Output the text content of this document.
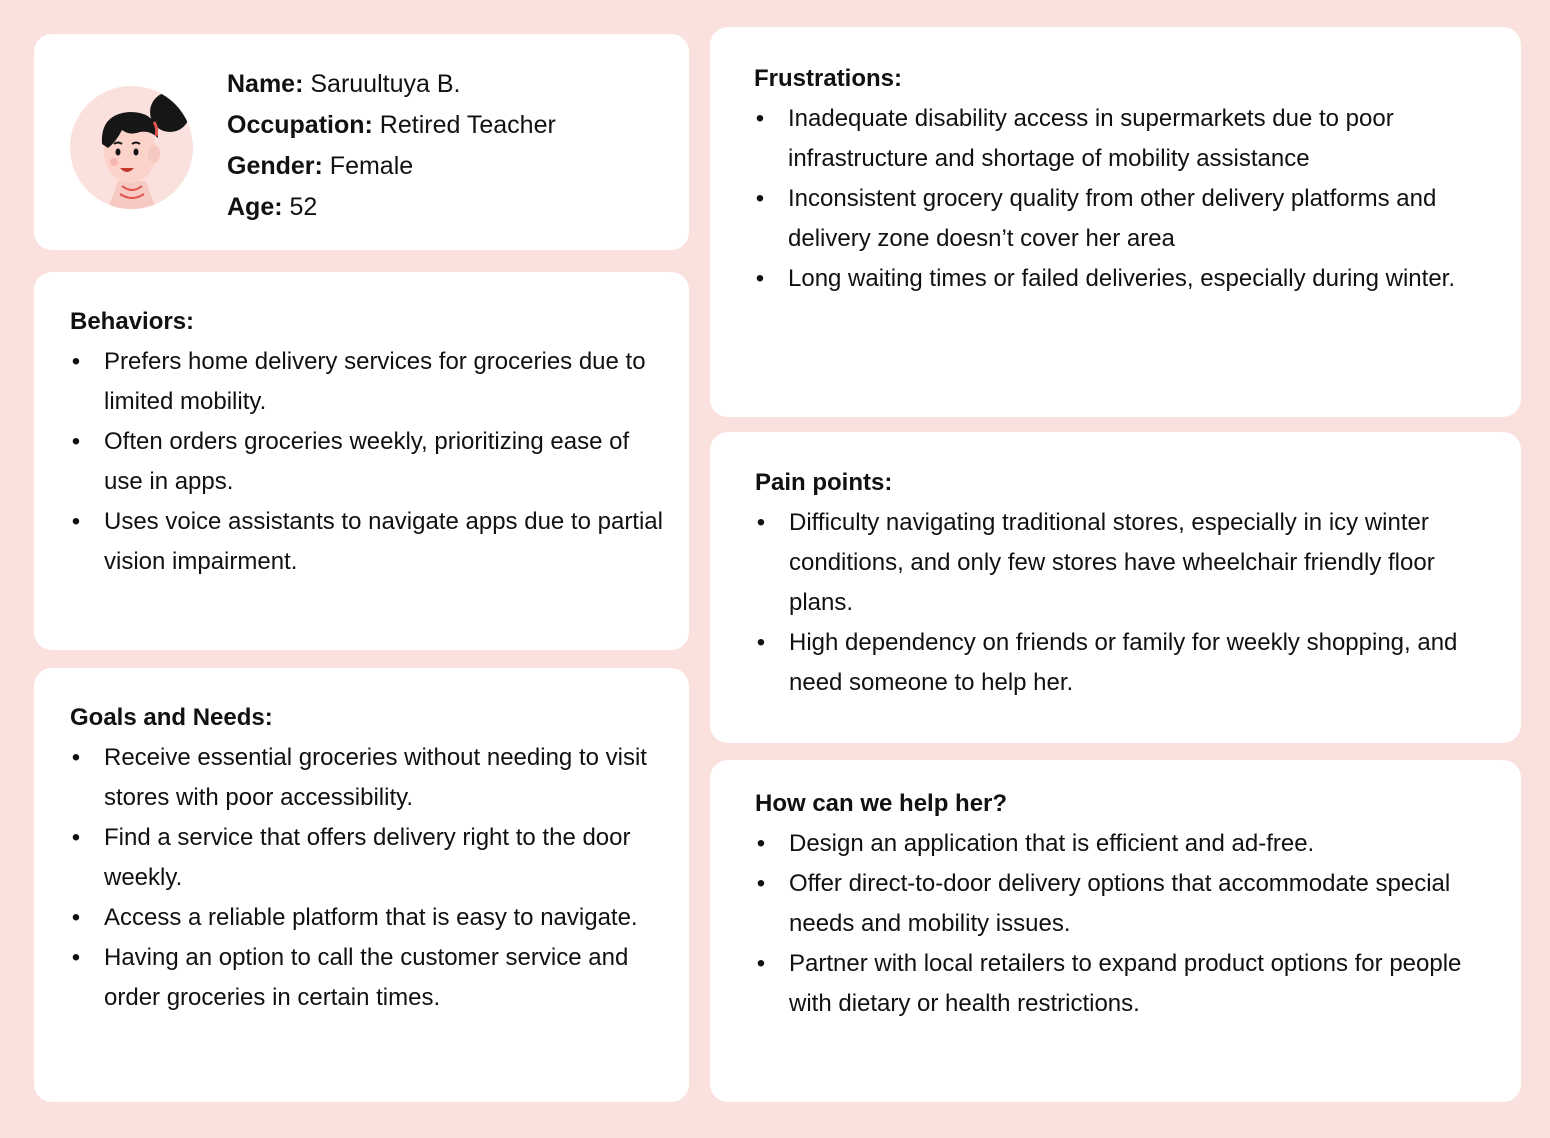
Name: Saruultuya B.
Occupation: Retired Teacher
Gender: Female
Age: 52
Behaviors:
• Prefers home delivery services for groceries due to limited mobility.
• Often orders groceries weekly, prioritizing ease of use in apps.
• Uses voice assistants to navigate apps due to partial vision impairment.
Goals and Needs:
• Receive essential groceries without needing to visit stores with poor accessibility.
• Find a service that offers delivery right to the door weekly.
• Access a reliable platform that is easy to navigate.
• Having an option to call the customer service and order groceries in certain times.
Frustrations:
• Inadequate disability access in supermarkets due to poor infrastructure and shortage of mobility assistance
• Inconsistent grocery quality from other delivery platforms and delivery zone doesn’t cover her area
• Long waiting times or failed deliveries, especially during winter.
Pain points:
• Difficulty navigating traditional stores, especially in icy winter conditions, and only few stores have wheelchair friendly floor plans.
• High dependency on friends or family for weekly shopping, and need someone to help her.
How can we help her?
• Design an application that is efficient and ad-free.
• Offer direct-to-door delivery options that accommodate special needs and mobility issues.
• Partner with local retailers to expand product options for people with dietary or health restrictions.
